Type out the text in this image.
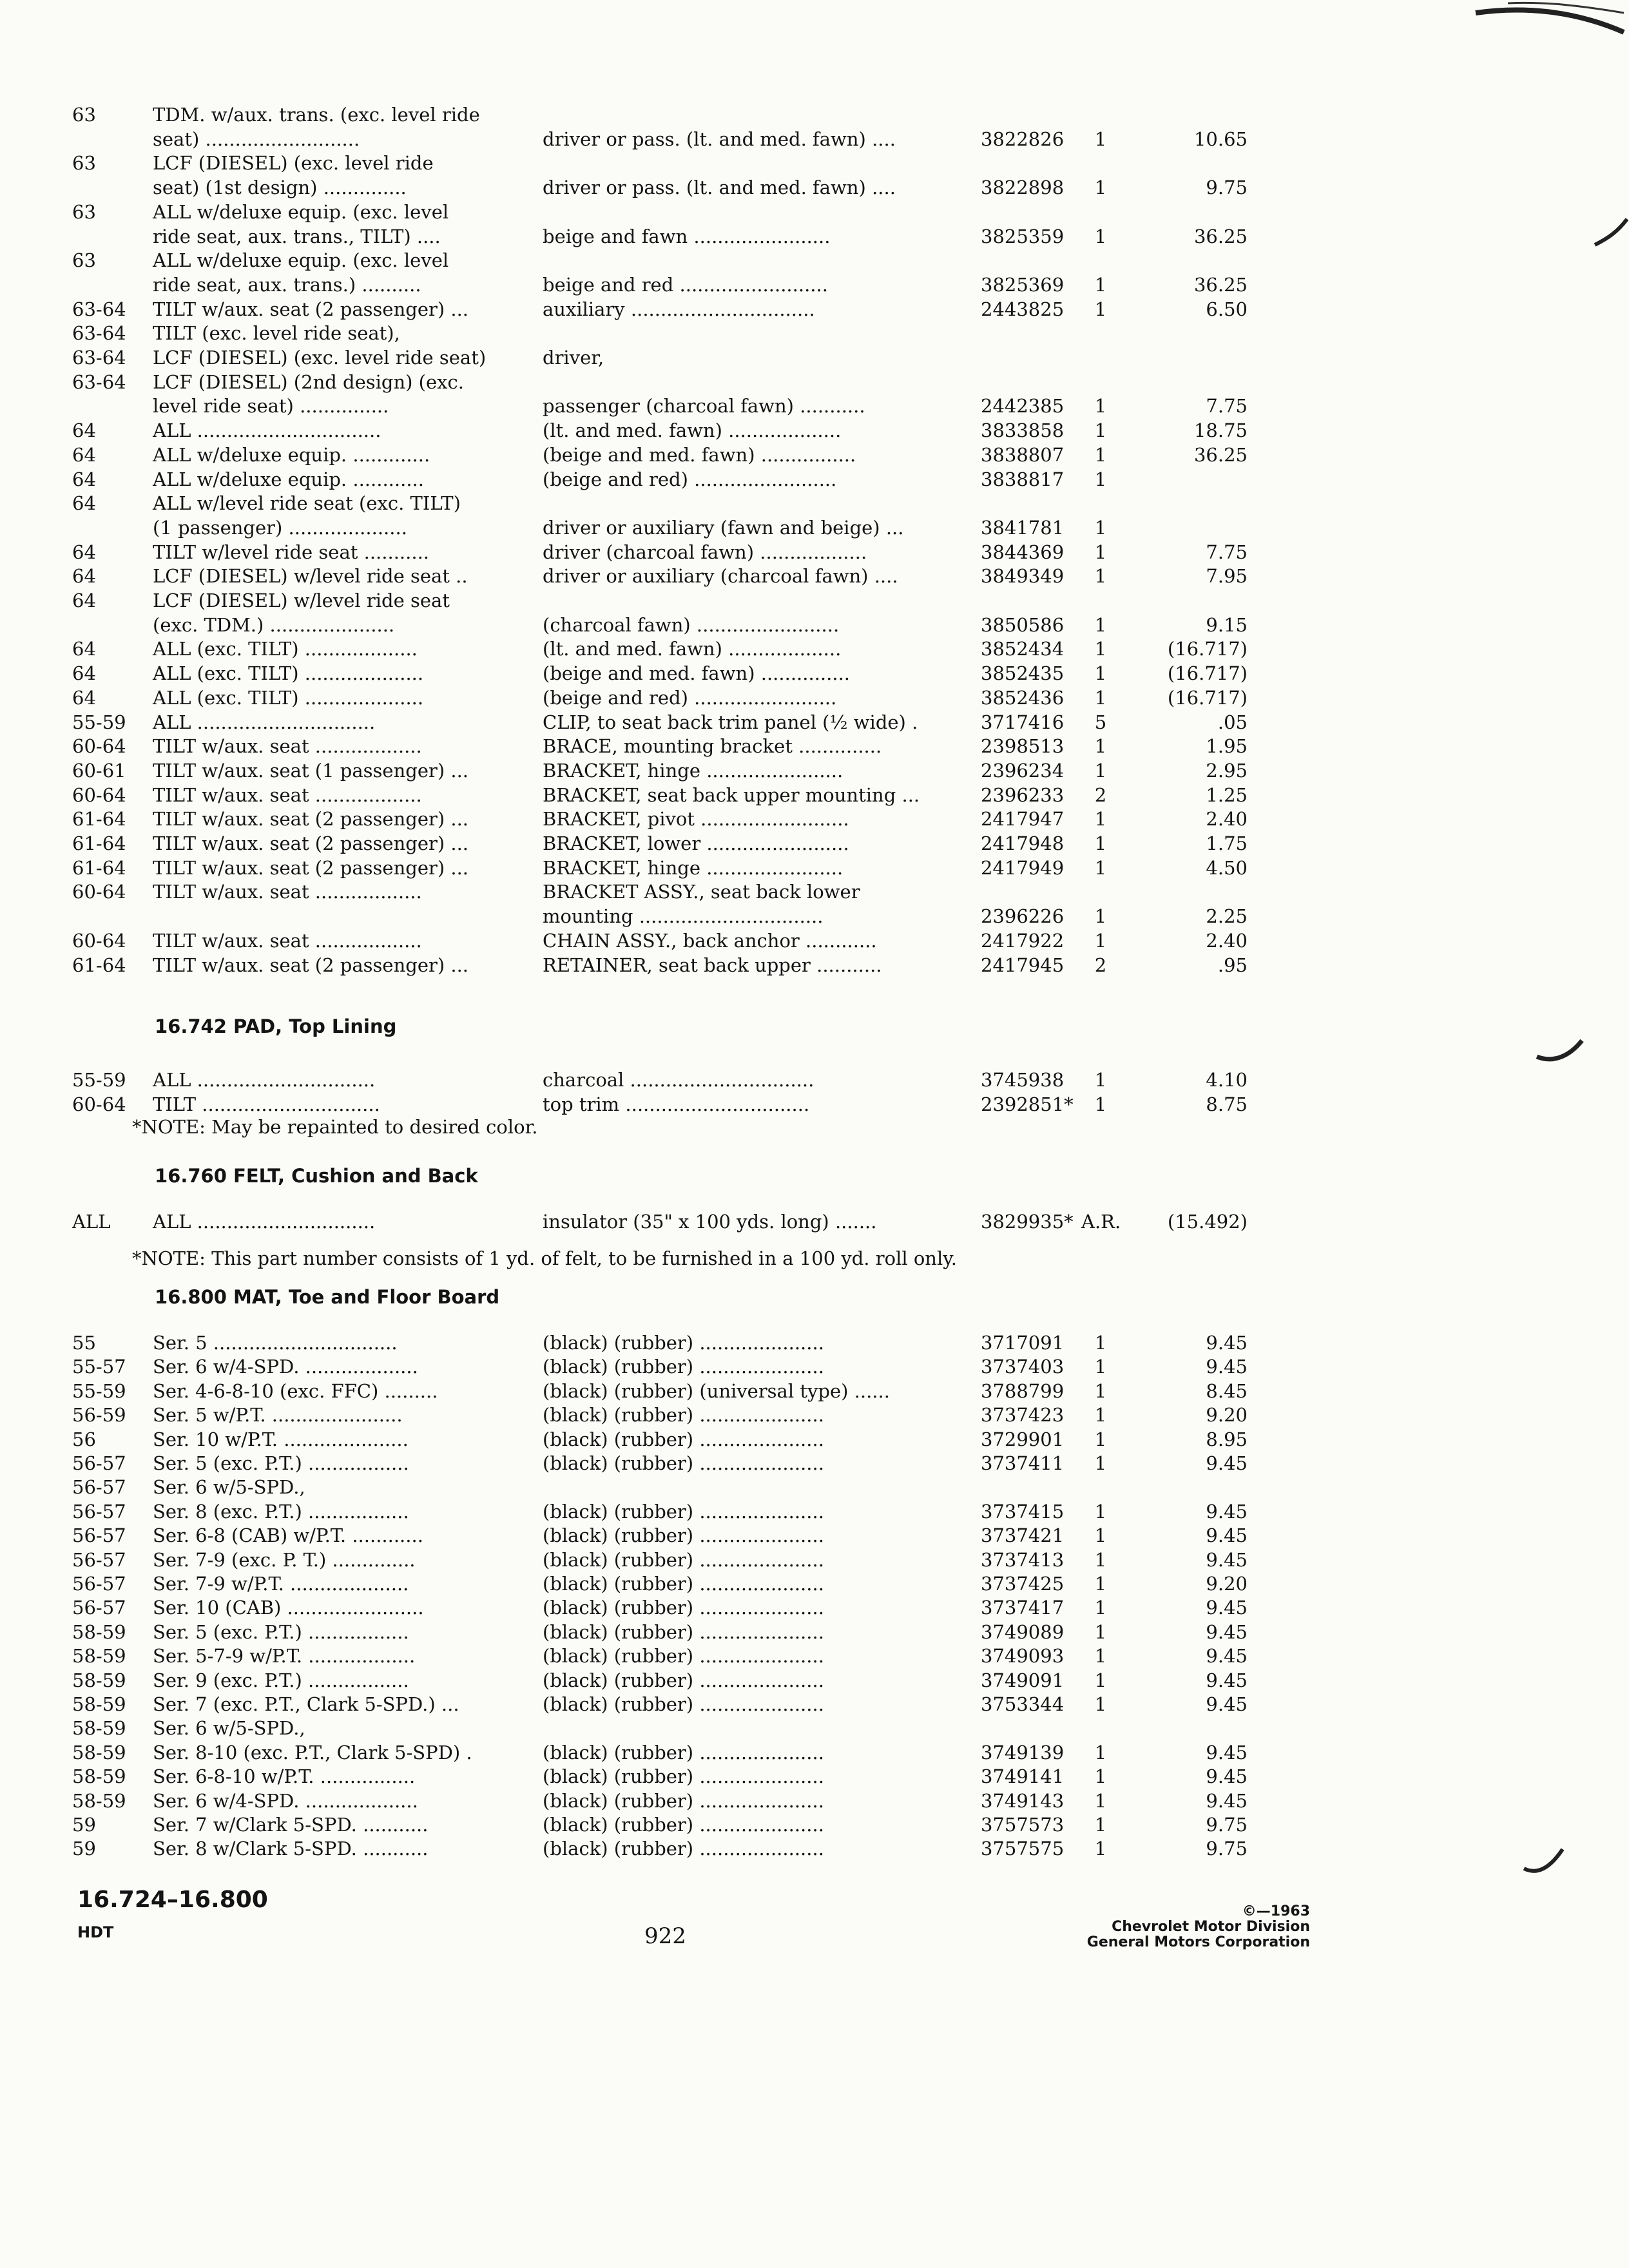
63	TDM. w/aux. trans. (exc. level ride
seat) ..........................	driver or pass. (lt. and med. fawn) ....	3822826	1	10.65
63	LCF (DIESEL) (exc. level ride
seat) (1st design) ..............	driver or pass. (lt. and med. fawn) ....	3822898	1	9.75
63	ALL w/deluxe equip. (exc. level
ride seat, aux. trans., TILT) ....	beige and fawn .......................	3825359	1	36.25
63	ALL w/deluxe equip. (exc. level
ride seat, aux. trans.) ..........	beige and red .........................	3825369	1	36.25
63-64	TILT w/aux. seat (2 passenger) ...	auxiliary ...............................	2443825	1	6.50
63-64	TILT (exc. level ride seat),
63-64	LCF (DIESEL) (exc. level ride seat)	driver,
63-64	LCF (DIESEL) (2nd design) (exc.
level ride seat) ...............	passenger (charcoal fawn) ...........	2442385	1	7.75
64	ALL ...............................	(lt. and med. fawn) ...................	3833858	1	18.75
64	ALL w/deluxe equip. .............	(beige and med. fawn) ................	3838807	1	36.25
64	ALL w/deluxe equip. ............	(beige and red) ........................	3838817	1
64	ALL w/level ride seat (exc. TILT)
(1 passenger) ....................	driver or auxiliary (fawn and beige) ...	3841781	1
64	TILT w/level ride seat ...........	driver (charcoal fawn) ..................	3844369	1	7.75
64	LCF (DIESEL) w/level ride seat ..	driver or auxiliary (charcoal fawn) ....	3849349	1	7.95
64	LCF (DIESEL) w/level ride seat
(exc. TDM.) .....................	(charcoal fawn) ........................	3850586	1	9.15
64	ALL (exc. TILT) ...................	(lt. and med. fawn) ...................	3852434	1	(16.717)
64	ALL (exc. TILT) ....................	(beige and med. fawn) ...............	3852435	1	(16.717)
64	ALL (exc. TILT) ....................	(beige and red) ........................	3852436	1	(16.717)
55-59	ALL ..............................	CLIP, to seat back trim panel (½ wide) .	3717416	5	.05
60-64	TILT w/aux. seat ..................	BRACE, mounting bracket ..............	2398513	1	1.95
60-61	TILT w/aux. seat (1 passenger) ...	BRACKET, hinge .......................	2396234	1	2.95
60-64	TILT w/aux. seat ..................	BRACKET, seat back upper mounting ...	2396233	2	1.25
61-64	TILT w/aux. seat (2 passenger) ...	BRACKET, pivot .........................	2417947	1	2.40
61-64	TILT w/aux. seat (2 passenger) ...	BRACKET, lower ........................	2417948	1	1.75
61-64	TILT w/aux. seat (2 passenger) ...	BRACKET, hinge .......................	2417949	1	4.50
60-64	TILT w/aux. seat ..................	BRACKET ASSY., seat back lower
mounting ...............................	2396226	1	2.25
60-64	TILT w/aux. seat ..................	CHAIN ASSY., back anchor ............	2417922	1	2.40
61-64	TILT w/aux. seat (2 passenger) ...	RETAINER, seat back upper ...........	2417945	2	.95
16.742 PAD, Top Lining
55-59	ALL ..............................	charcoal ...............................	3745938	1	4.10
60-64	TILT ..............................	top trim ...............................	2392851*	1	8.75
*NOTE: May be repainted to desired color.
16.760 FELT, Cushion and Back
ALL	ALL ..............................	insulator (35" x 100 yds. long) .......	3829935* A.R.	(15.492)
*NOTE: This part number consists of 1 yd. of felt, to be furnished in a 100 yd. roll only.
16.800 MAT, Toe and Floor Board
55	Ser. 5 ...............................	(black) (rubber) .....................	3717091	1	9.45
55-57	Ser. 6 w/4-SPD. ...................	(black) (rubber) .....................	3737403	1	9.45
55-59	Ser. 4-6-8-10 (exc. FFC) .........	(black) (rubber) (universal type) ......	3788799	1	8.45
56-59	Ser. 5 w/P.T. ......................	(black) (rubber) .....................	3737423	1	9.20
56	Ser. 10 w/P.T. .....................	(black) (rubber) .....................	3729901	1	8.95
56-57	Ser. 5 (exc. P.T.) .................	(black) (rubber) .....................	3737411	1	9.45
56-57	Ser. 6 w/5-SPD.,
56-57	Ser. 8 (exc. P.T.) .................	(black) (rubber) .....................	3737415	1	9.45
56-57	Ser. 6-8 (CAB) w/P.T. ............	(black) (rubber) .....................	3737421	1	9.45
56-57	Ser. 7-9 (exc. P. T.) ..............	(black) (rubber) .....................	3737413	1	9.45
56-57	Ser. 7-9 w/P.T. ....................	(black) (rubber) .....................	3737425	1	9.20
56-57	Ser. 10 (CAB) .......................	(black) (rubber) .....................	3737417	1	9.45
58-59	Ser. 5 (exc. P.T.) .................	(black) (rubber) .....................	3749089	1	9.45
58-59	Ser. 5-7-9 w/P.T. ..................	(black) (rubber) .....................	3749093	1	9.45
58-59	Ser. 9 (exc. P.T.) .................	(black) (rubber) .....................	3749091	1	9.45
58-59	Ser. 7 (exc. P.T., Clark 5-SPD.) ...	(black) (rubber) .....................	3753344	1	9.45
58-59	Ser. 6 w/5-SPD.,
58-59	Ser. 8-10 (exc. P.T., Clark 5-SPD) .	(black) (rubber) .....................	3749139	1	9.45
58-59	Ser. 6-8-10 w/P.T. ................	(black) (rubber) .....................	3749141	1	9.45
58-59	Ser. 6 w/4-SPD. ...................	(black) (rubber) .....................	3749143	1	9.45
59	Ser. 7 w/Clark 5-SPD. ...........	(black) (rubber) .....................	3757573	1	9.75
59	Ser. 8 w/Clark 5-SPD. ...........	(black) (rubber) .....................	3757575	1	9.75
16.724–16.800
HDT	922
©—1963
Chevrolet Motor Division
General Motors Corporation
